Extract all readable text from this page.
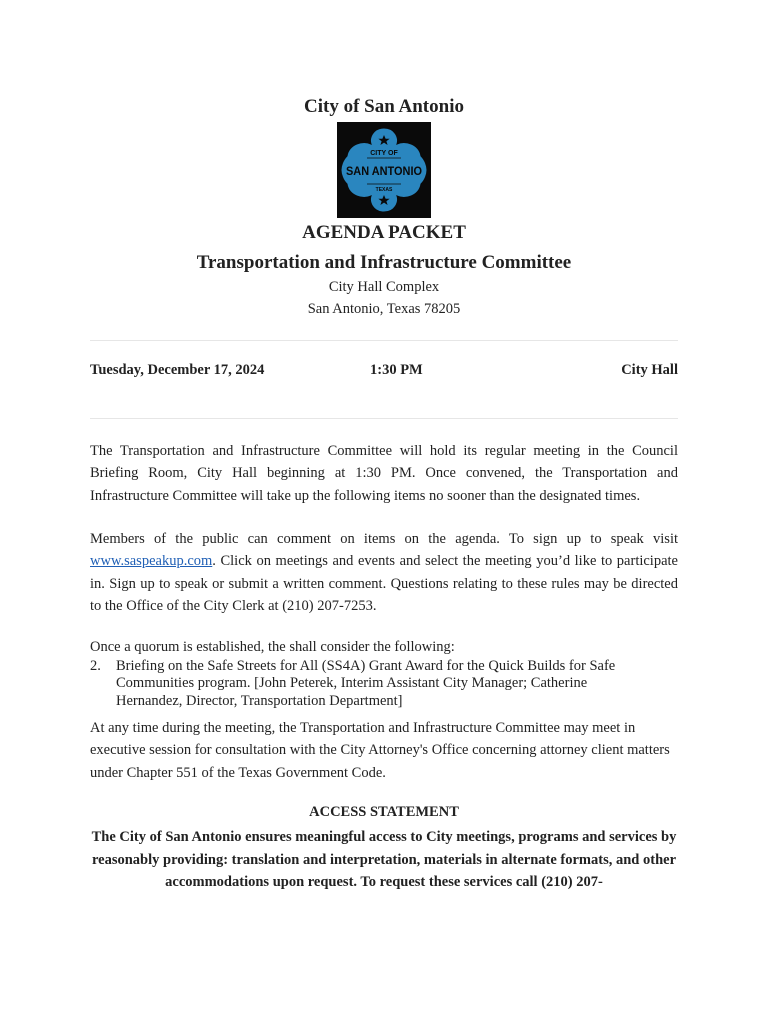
City of San Antonio
CITY OF
SAN ANTONIO
TEXAS
AGENDA PACKET
Transportation and Infrastructure Committee
City Hall Complex
San Antonio, Texas 78205
Tuesday, December 17, 2024	1:30 PM	City Hall
The Transportation and Infrastructure Committee will hold its regular meeting in the Council Briefing Room, City Hall beginning at 1:30 PM. Once convened, the Transportation and Infrastructure Committee will take up the following items no sooner than the designated times.
Members of the public can comment on items on the agenda. To sign up to speak visit www.saspeakup.com. Click on meetings and events and select the meeting you’d like to participate in. Sign up to speak or submit a written comment. Questions relating to these rules may be directed to the Office of the City Clerk at (210) 207-7253.
Once a quorum is established, the shall consider the following:
2. Briefing on the Safe Streets for All (SS4A) Grant Award for the Quick Builds for Safe Communities program. [John Peterek, Interim Assistant City Manager; Catherine Hernandez, Director, Transportation Department]
At any time during the meeting, the Transportation and Infrastructure Committee may meet in executive session for consultation with the City Attorney's Office concerning attorney client matters under Chapter 551 of the Texas Government Code.
ACCESS STATEMENT
The City of San Antonio ensures meaningful access to City meetings, programs and services by reasonably providing: translation and interpretation, materials in alternate formats, and other accommodations upon request. To request these services call (210) 207-
